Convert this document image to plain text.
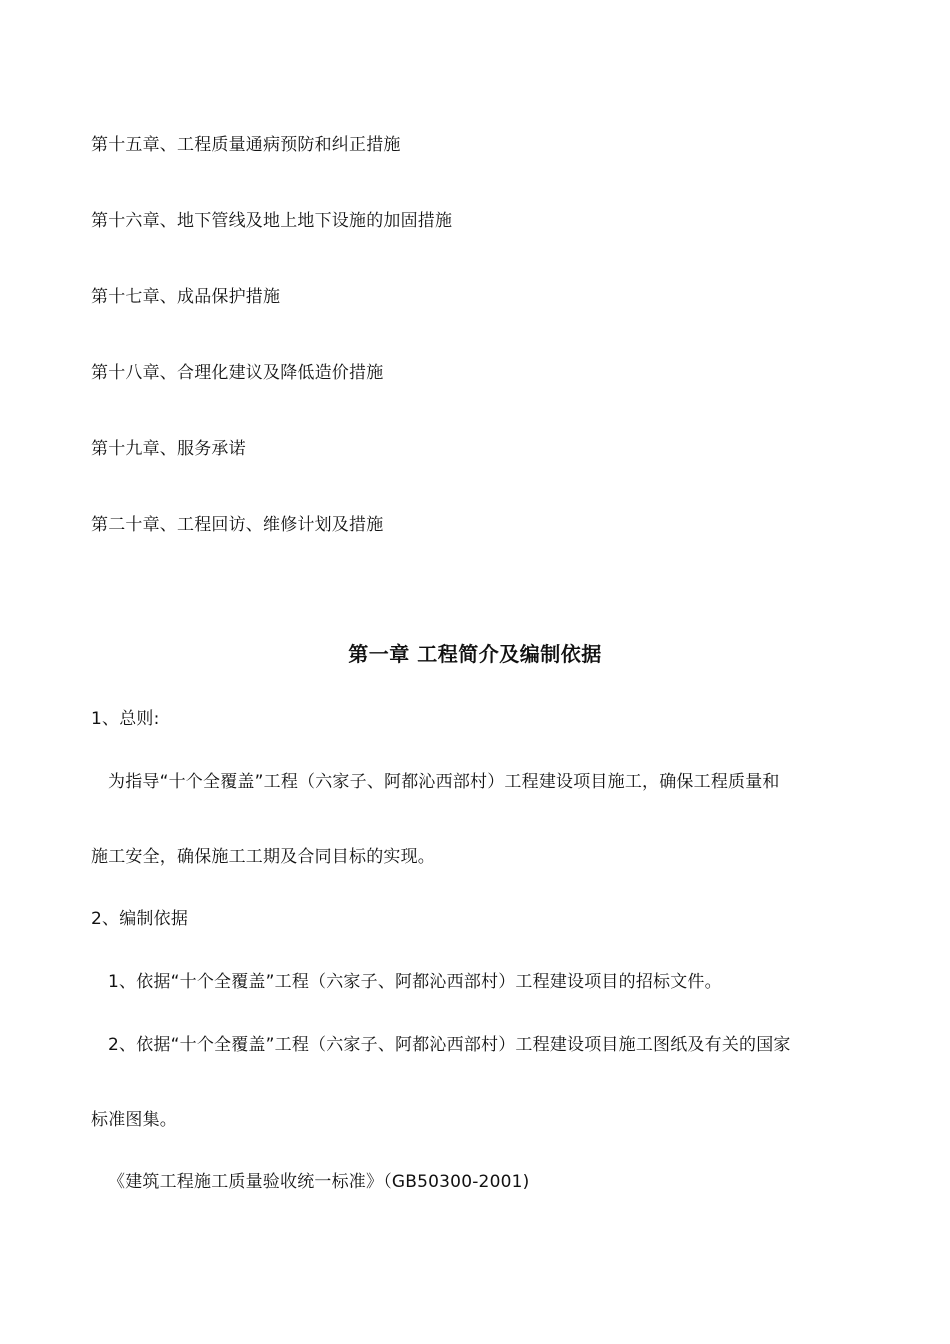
第十五章、工程质量通病预防和纠正措施
第十六章、地下管线及地上地下设施的加固措施
第十七章、成品保护措施
第十八章、合理化建议及降低造价措施
第十九章、服务承诺
第二十章、工程回访、维修计划及措施
第一章 工程简介及编制依据
1、总则:
为指导“十个全覆盖”工程（六家子、阿都沁西部村）工程建设项目施工，确保工程质量和
施工安全，确保施工工期及合同目标的实现。
2、编制依据
1、依据“十个全覆盖”工程（六家子、阿都沁西部村）工程建设项目的招标文件。
2、依据“十个全覆盖”工程（六家子、阿都沁西部村）工程建设项目施工图纸及有关的国家
标准图集。
《建筑工程施工质量验收统一标准》（GB50300-2001)
